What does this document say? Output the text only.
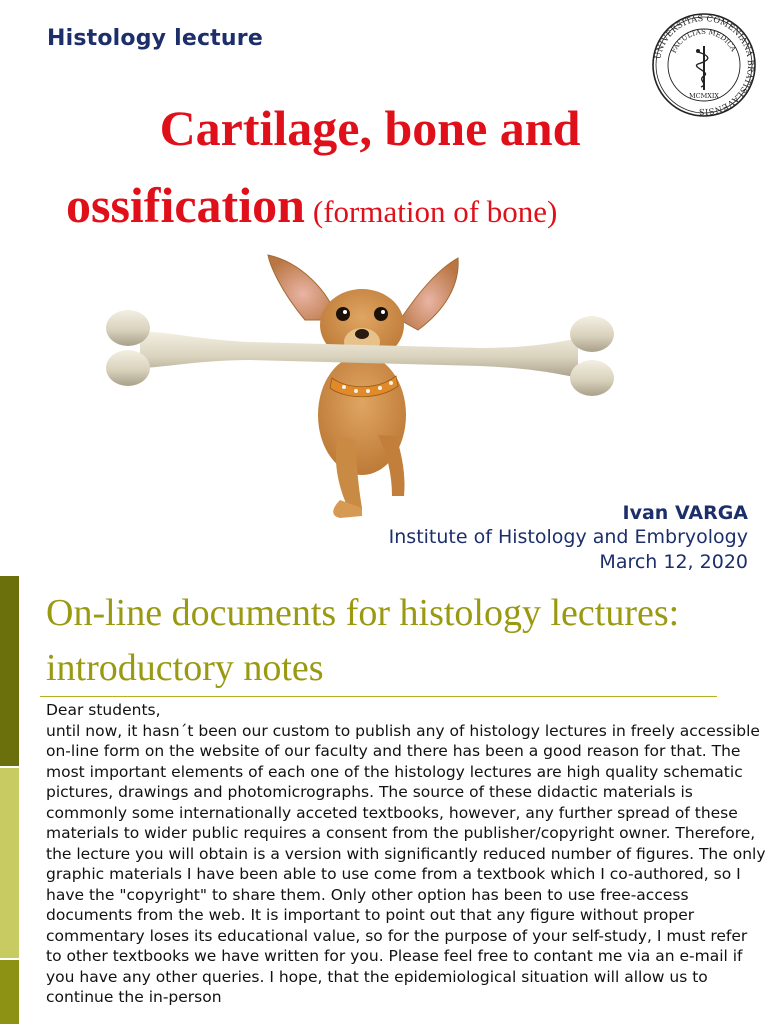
Histology lecture
UNIVERSITAS COMENIANA BRATISLAVENSIS
FACULTAS MEDICA
MCMXIX
Cartilage, bone and
ossification (formation of bone)
Ivan VARGA
Institute of Histology and Embryology
March 12, 2020
On-line documents for histology lectures: introductory notes

Dear students,

until now, it hasn´t been our custom to publish any of histology lectures in freely accessible on-line form on the website of our faculty and there has been a good reason for that. The most important elements of each one of the histology lectures are high quality schematic pictures, drawings and photomicrographs. The source of these didactic materials is commonly some internationally acceted textbooks, however, any further spread of these materials to wider public requires a consent from the publisher/copyright owner. Therefore, the lecture you will obtain is a version with significantly reduced number of figures. The only graphic materials I have been able to use come from a textbook which I co-authored, so I have the "copyright" to share them. Only other option has been to use free-access documents from the web. It is important to point out that any figure without proper commentary loses its educational value, so for the purpose of your self-study, I must refer to other textbooks we have written for you. Please feel free to contant me via an e-mail if you have any other queries. I hope, that the epidemiological situation will allow us to continue the in-person
